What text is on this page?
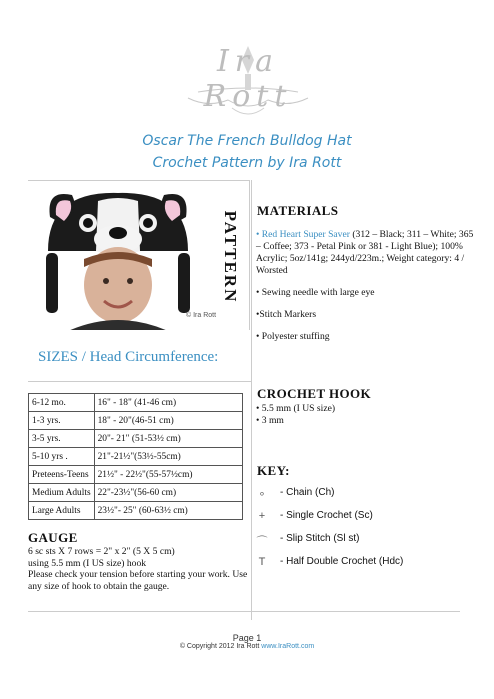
Ira Rott
Oscar The French Bulldog Hat
Crochet Pattern by Ira Rott
PATTERN
© Ira Rott
MATERIALS

• Red Heart Super Saver (312 – Black; 311 – White; 365 – Coffee; 373 - Petal Pink or 381 - Light Blue); 100% Acrylic; 5oz/141g; 244yd/223m.; Weight category: 4 / Worsted

• Sewing needle with large eye

•Stitch Markers

• Polyester stuffing

SIZES / Head Circumference:
6-12 mo.	16" - 18" (41-46 cm)
1-3 yrs.	18" - 20"(46-51 cm)
3-5 yrs.	20"- 21" (51-53½ cm)
5-10 yrs .	21"-21½"(53½-55cm)
Preteens-Teens	21½" - 22½"(55-57½cm)
Medium Adults	22"-23½"(56-60 cm)
Large Adults	23½"- 25" (60-63½ cm)
CROCHET HOOK
• 5.5 mm (I US size)
• 3 mm
KEY:
∘ - Chain (Ch)
+ - Single Crochet (Sc)
⌒ - Slip Stitch (Sl st)
T - Half Double Crochet (Hdc)
GAUGE
6 sc sts X 7 rows = 2" x 2" (5 X 5 cm)
using 5.5 mm (I US size) hook
Please check your tension before starting your work. Use any size of hook to obtain the gauge.
Page 1
© Copyright 2012 Ira Rott www.IraRott.com
